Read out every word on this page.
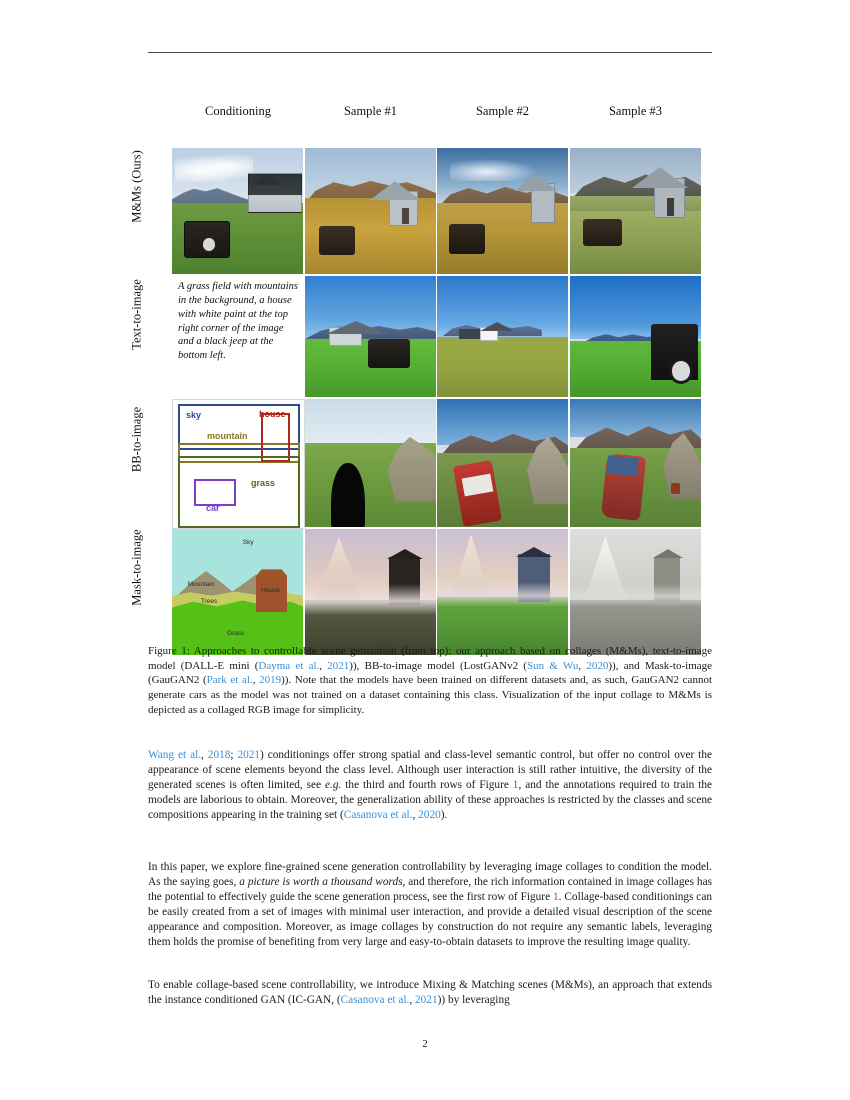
Conditioning	Sample #1	Sample #2	Sample #3
M&Ms (Ours)
Text-to-image
BB-to-image
Mask-to-image
A grass field with mountains in the background, a house with white paint at the top right corner of the image and a black jeep at the bottom left.
sky
mountain
house
grass
car
Sky
Mountain
Trees
House
Grass
Figure 1: Approaches to controllable scene generation (from top): our approach based on collages (M&Ms), text-to-image model (DALL-E mini (Dayma et al., 2021)), BB-to-image model (LostGANv2 (Sun & Wu, 2020)), and Mask-to-image (GauGAN2 (Park et al., 2019)). Note that the models have been trained on different datasets and, as such, GauGAN2 cannot generate cars as the model was not trained on a dataset containing this class. Visualization of the input collage to M&Ms is depicted as a collaged RGB image for simplicity.
Wang et al., 2018; 2021) conditionings offer strong spatial and class-level semantic control, but offer no control over the appearance of scene elements beyond the class level. Although user interaction is still rather intuitive, the diversity of the generated scenes is often limited, see e.g. the third and fourth rows of Figure 1, and the annotations required to train the models are laborious to obtain. Moreover, the generalization ability of these approaches is restricted by the classes and scene compositions appearing in the training set (Casanova et al., 2020).
In this paper, we explore fine-grained scene generation controllability by leveraging image collages to condition the model. As the saying goes, a picture is worth a thousand words, and therefore, the rich information contained in image collages has the potential to effectively guide the scene generation process, see the first row of Figure 1. Collage-based conditionings can be easily created from a set of images with minimal user interaction, and provide a detailed visual description of the scene appearance and composition. Moreover, as image collages by construction do not require any semantic labels, leveraging them holds the promise of benefiting from very large and easy-to-obtain datasets to improve the resulting image quality.
To enable collage-based scene controllability, we introduce Mixing & Matching scenes (M&Ms), an approach that extends the instance conditioned GAN (IC-GAN, (Casanova et al., 2021)) by leveraging
2
